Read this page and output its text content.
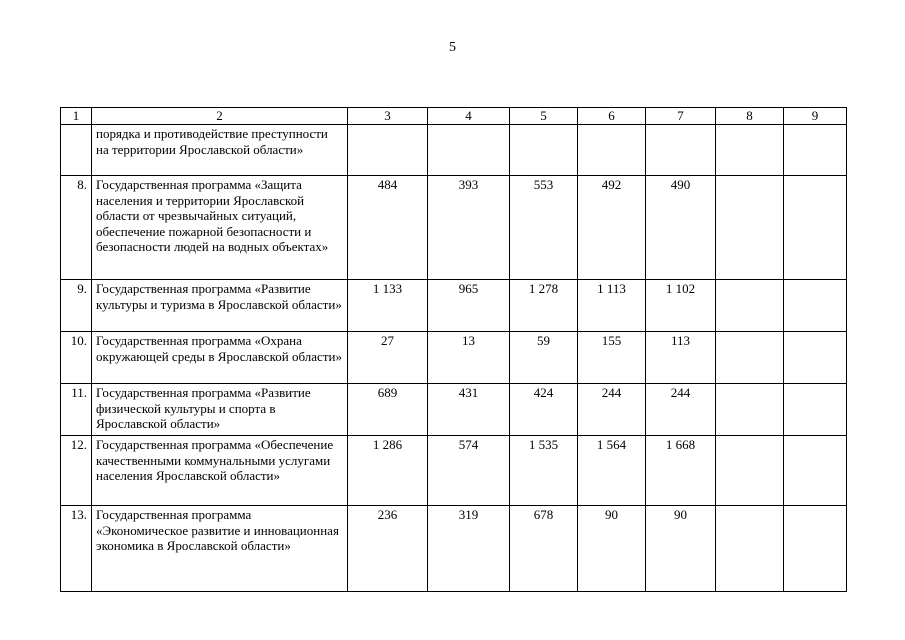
5
1	2	3	4	5	6	7	8	9
	порядка и противодействие преступности на территории Ярославской области»							
8.	Государственная программа «Защита населения и территории Ярославской области от чрезвычайных ситуаций, обеспечение пожарной безопасности и безопасности людей на водных объектах»	484	393	553	492	490		
9.	Государственная программа «Развитие культуры и туризма в Ярославской области»	1 133	965	1 278	1 113	1 102		
10.	Государственная программа «Охрана окружающей среды в Ярославской области»	27	13	59	155	113		
11.	Государственная программа «Развитие физической культуры и спорта в Ярославской области»	689	431	424	244	244		
12.	Государственная программа «Обеспечение качественными коммунальными услугами населения Ярославской области»	1 286	574	1 535	1 564	1 668		
13.	Государственная программа «Экономическое развитие и инновационная экономика в Ярославской области»	236	319	678	90	90		
